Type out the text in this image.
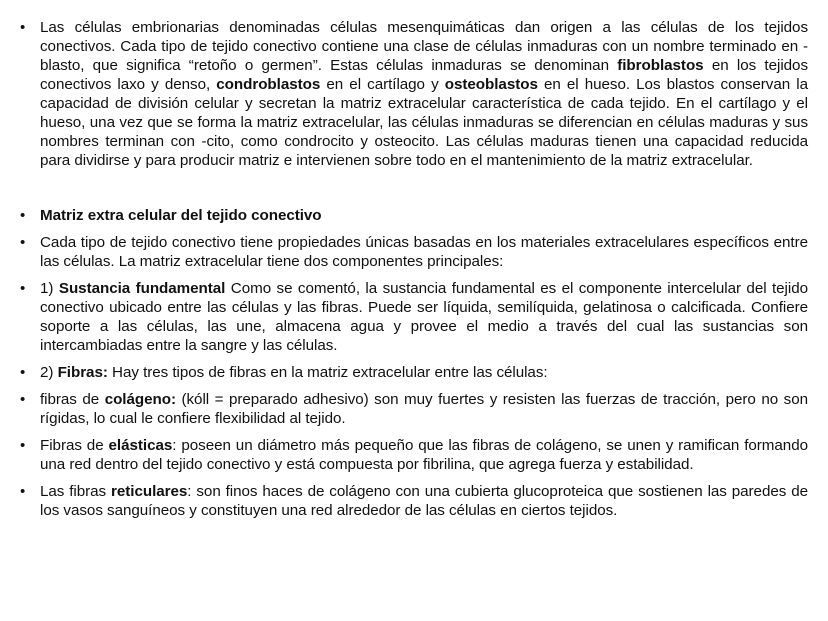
• Las células embrionarias denominadas células mesenquimáticas dan origen a las células de los tejidos conectivos. Cada tipo de tejido conectivo contiene una clase de células inmaduras con un nombre terminado en -blasto, que significa “retoño o germen”. Estas células inmaduras se denominan fibroblastos en los tejidos conectivos laxo y denso, condroblastos en el cartílago y osteoblastos en el hueso. Los blastos conservan la capacidad de división celular y secretan la matriz extracelular característica de cada tejido. En el cartílago y el hueso, una vez que se forma la matriz extracelular, las células inmaduras se diferencian en células maduras y sus nombres terminan con -cito, como condrocito y osteocito. Las células maduras tienen una capacidad reducida para dividirse y para producir matriz e intervienen sobre todo en el mantenimiento de la matriz extracelular.
• Matriz extra celular del tejido conectivo
• Cada tipo de tejido conectivo tiene propiedades únicas basadas en los materiales extracelulares específicos entre las células. La matriz extracelular tiene dos componentes principales:
• 1) Sustancia fundamental Como se comentó, la sustancia fundamental es el componente intercelular del tejido conectivo ubicado entre las células y las fibras. Puede ser líquida, semilíquida, gelatinosa o calcificada. Confiere soporte a las células, las une, almacena agua y provee el medio a través del cual las sustancias son intercambiadas entre la sangre y las células.
• 2) Fibras: Hay tres tipos de fibras en la matriz extracelular entre las células:
• fibras de colágeno: (kóll = preparado adhesivo) son muy fuertes y resisten las fuerzas de tracción, pero no son rígidas, lo cual le confiere flexibilidad al tejido.
• Fibras de elásticas: poseen un diámetro más pequeño que las fibras de colágeno, se unen y ramifican formando una red dentro del tejido conectivo y está compuesta por fibrilina, que agrega fuerza y estabilidad.
• Las fibras reticulares: son finos haces de colágeno con una cubierta glucoproteica que sostienen las paredes de los vasos sanguíneos y constituyen una red alrededor de las células en ciertos tejidos.
